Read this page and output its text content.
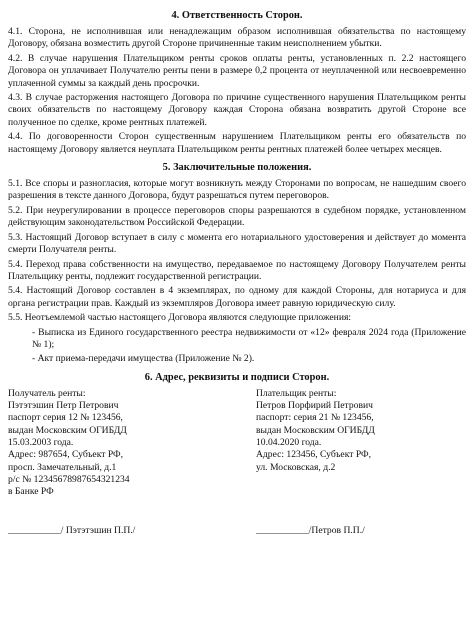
4. Ответственность Сторон.

4.1. Сторона, не исполнившая или ненадлежащим образом исполнившая обязательства по настоящему Договору, обязана возместить другой Стороне причиненные таким неисполнением убытки.

4.2. В случае нарушения Плательщиком ренты сроков оплаты ренты, установленных п. 2.2 настоящего Договора он уплачивает Получателю ренты пени в размере 0,2 процента от неуплаченной или несвоевременно уплаченной суммы за каждый день просрочки.

4.3. В случае расторжения настоящего Договора по причине существенного нарушения Плательщиком ренты своих обязательств по настоящему Договору каждая Сторона обязана возвратить другой Стороне все полученное по сделке, кроме рентных платежей.

4.4. По договоренности Сторон существенным нарушением Плательщиком ренты его обязательств по настоящему Договору является неуплата Плательщиком ренты рентных платежей более четырех месяцев.

5. Заключительные положения.

5.1. Все споры и разногласия, которые могут возникнуть между Сторонами по вопросам, не нашедшим своего разрешения в тексте данного Договора, будут разрешаться путем переговоров.

5.2. При неурегулировании в процессе переговоров споры разрешаются в судебном порядке, установленном действующим законодательством Российской Федерации.

5.3. Настоящий Договор вступает в силу с момента его нотариального удостоверения и действует до момента смерти Получателя ренты.

5.4. Переход права собственности на имущество, передаваемое по настоящему Договору Получателем ренты Плательщику ренты, подлежит государственной регистрации.

5.4. Настоящий Договор составлен в 4 экземплярах, по одному для каждой Стороны, для нотариуса и для органа регистрации прав. Каждый из экземпляров Договора имеет равную юридическую силу.

5.5. Неотъемлемой частью настоящего Договора являются следующие приложения:

- Выписка из Единого государственного реестра недвижимости от «12» февраля 2024 года (Приложение № 1);

- Акт приема-передачи имущества (Приложение № 2).

6. Адрес, реквизиты и подписи Сторон.
Получатель ренты:
Пэтэтэшин Петр Петрович
паспорт серия 12 № 123456,
выдан Московским ОГИБДД
15.03.2003 года.
Адрес: 987654, Субъект РФ,
просп. Замечательный, д.1
р/с № 12345678987654321234
в Банке РФ
Плательщик ренты:
Петров Порфирий Петрович
паспорт: серия 21 № 123456,
выдан Московским ОГИБДД
10.04.2020 года.
Адрес: 123456, Субъект РФ,
ул. Московская, д.2
___________/ Пэтэтэшин П.П./	___________/Петров П.П./
